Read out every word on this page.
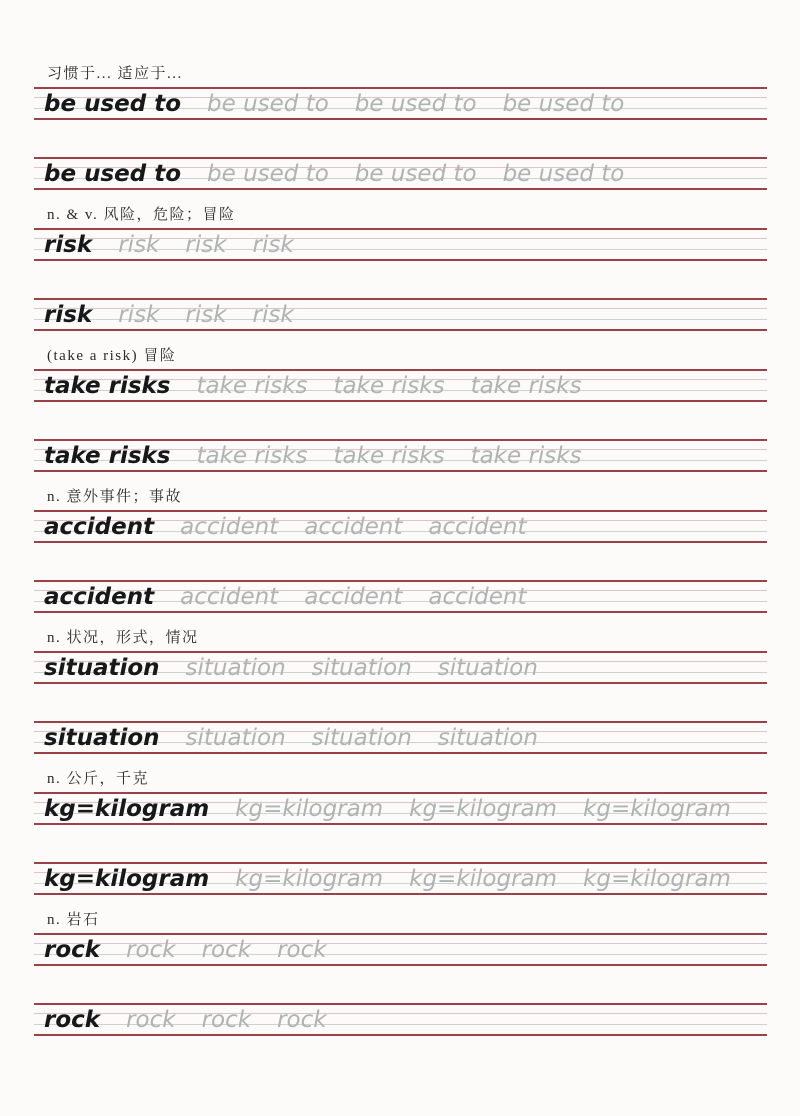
习惯于... 适应于...
be used to be used to be used to be used to
be used to be used to be used to be used to
n. & v. 风险，危险；冒险
risk risk risk risk
risk risk risk risk
(take a risk) 冒险
take risks take risks take risks take risks
take risks take risks take risks take risks
n. 意外事件；事故
accident accident accident accident
accident accident accident accident
n. 状况，形式，情况
situation situation situation situation
situation situation situation situation
n. 公斤，千克
kg=kilogram kg=kilogram kg=kilogram kg=kilogram
kg=kilogram kg=kilogram kg=kilogram kg=kilogram
n. 岩石
rock rock rock rock
rock rock rock rock
